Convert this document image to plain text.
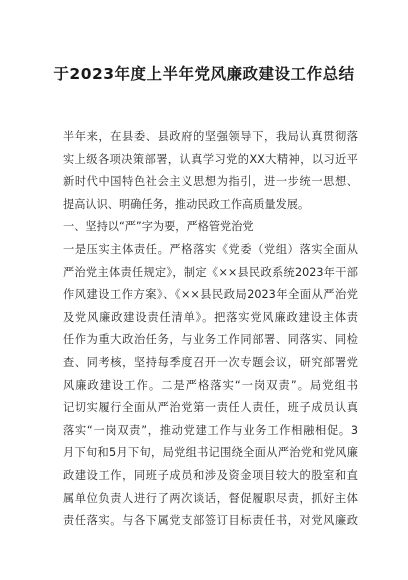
于2023年度上半年党风廉政建设工作总结
半年来，在县委、县政府的坚强领导下，我局认真贯彻落
实上级各项决策部署，认真学习党的XX大精神，以习近平
新时代中国特色社会主义思想为指引，进一步统一思想、
提高认识、明确任务，推动民政工作高质量发展。
一、坚持以“严”字为要，严格管党治党
一是压实主体责任。严格落实《党委（党组）落实全面从
严治党主体责任规定》，制定《××县民政系统2023年干部
作风建设工作方案》、《××县民政局2023年全面从严治党
及党风廉政建设责任清单》。把落实党风廉政建设主体责
任作为重大政治任务，与业务工作同部署、同落实、同检
查、同考核，坚持每季度召开一次专题会议，研究部署党
风廉政建设工作。二是严格落实“一岗双责”。局党组书
记切实履行全面从严治党第一责任人责任，班子成员认真
落实“一岗双责”，推动党建工作与业务工作相融相促。3
月下旬和5月下旬，局党组书记围绕全面从严治党和党风廉
政建设工作，同班子成员和涉及资金项目较大的股室和直
属单位负责人进行了两次谈话，督促履职尽责，抓好主体
责任落实。与各下属党支部签订目标责任书，对党风廉政
